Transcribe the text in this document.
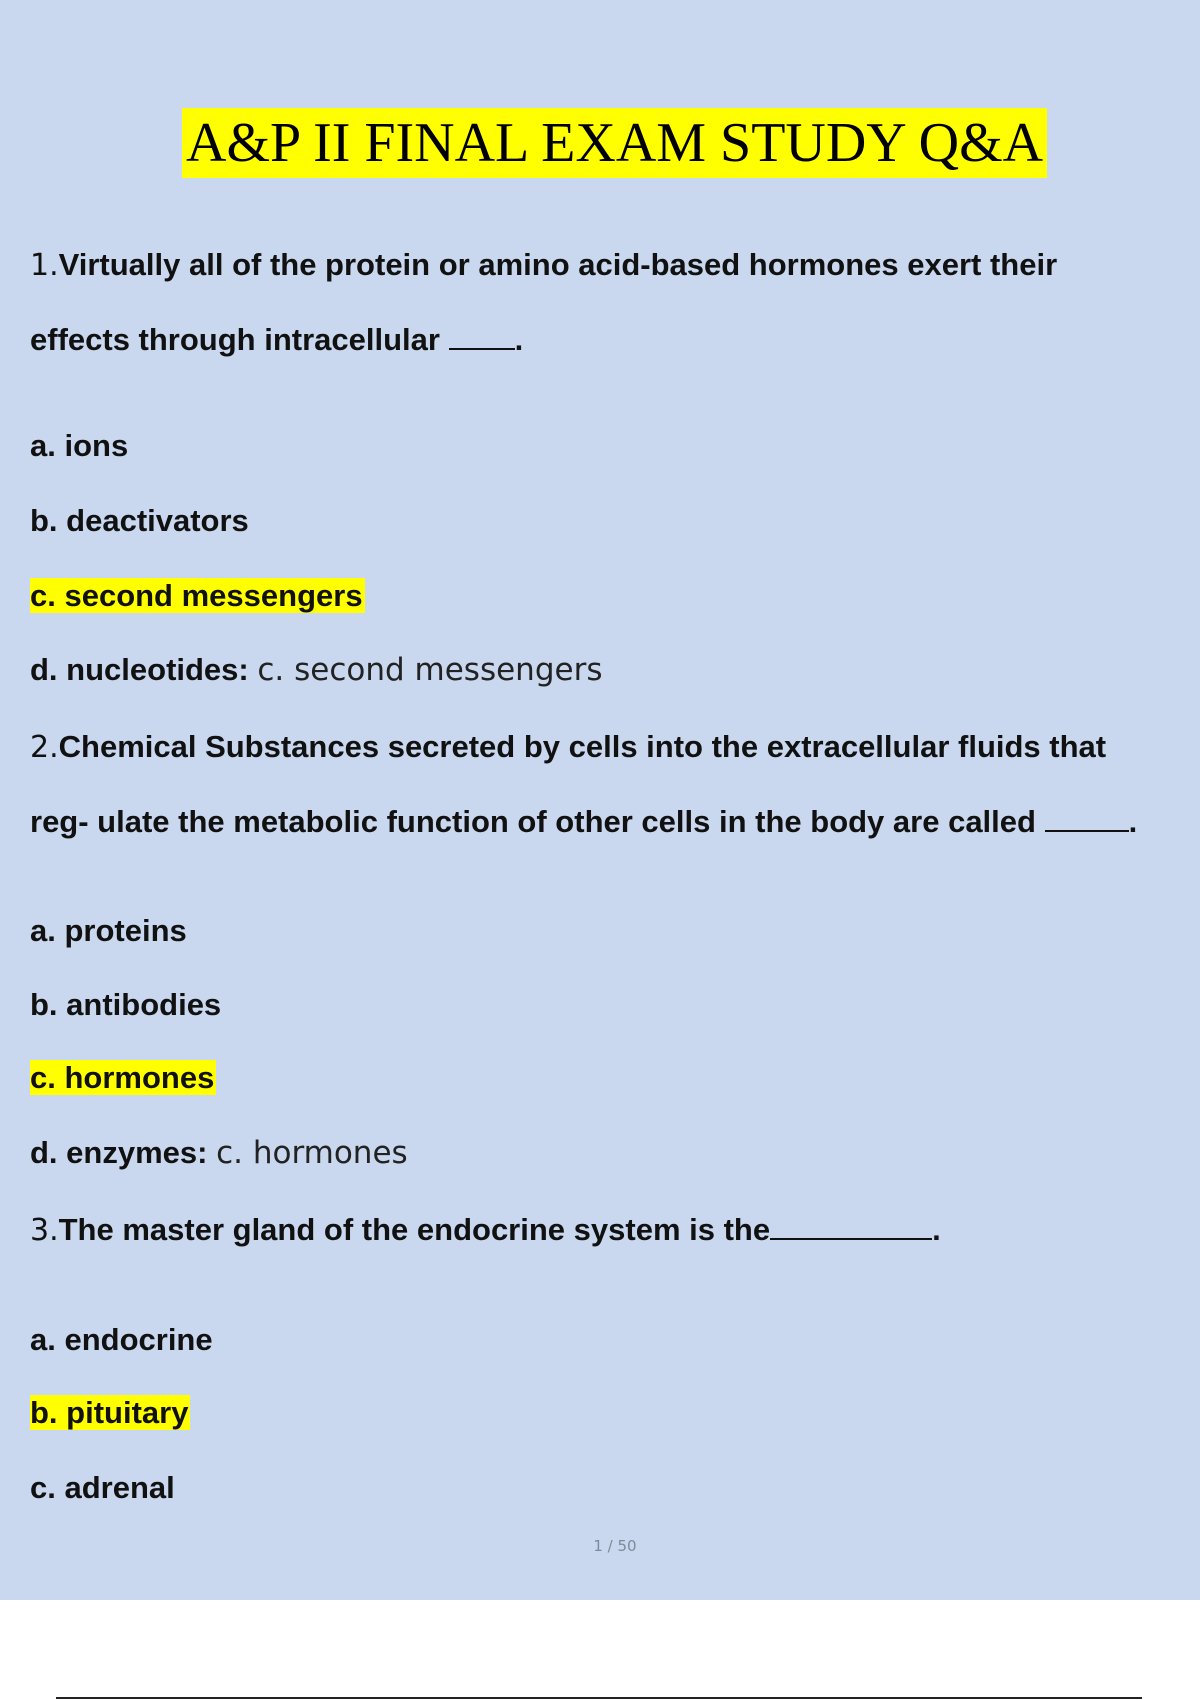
A&P II FINAL EXAM STUDY Q&A
1.Virtually all of the protein or amino acid-based hormones exert their
effects through intracellular .
a. ions
b. deactivators
c. second messengers
d. nucleotides: c. second messengers
2.Chemical Substances secreted by cells into the extracellular fluids that
reg- ulate the metabolic function of other cells in the body are called	.
a. proteins
b. antibodies
c. hormones
d. enzymes: c. hormones
3.The master gland of the endocrine system is the	.
a. endocrine
b. pituitary
c. adrenal
1 / 50
